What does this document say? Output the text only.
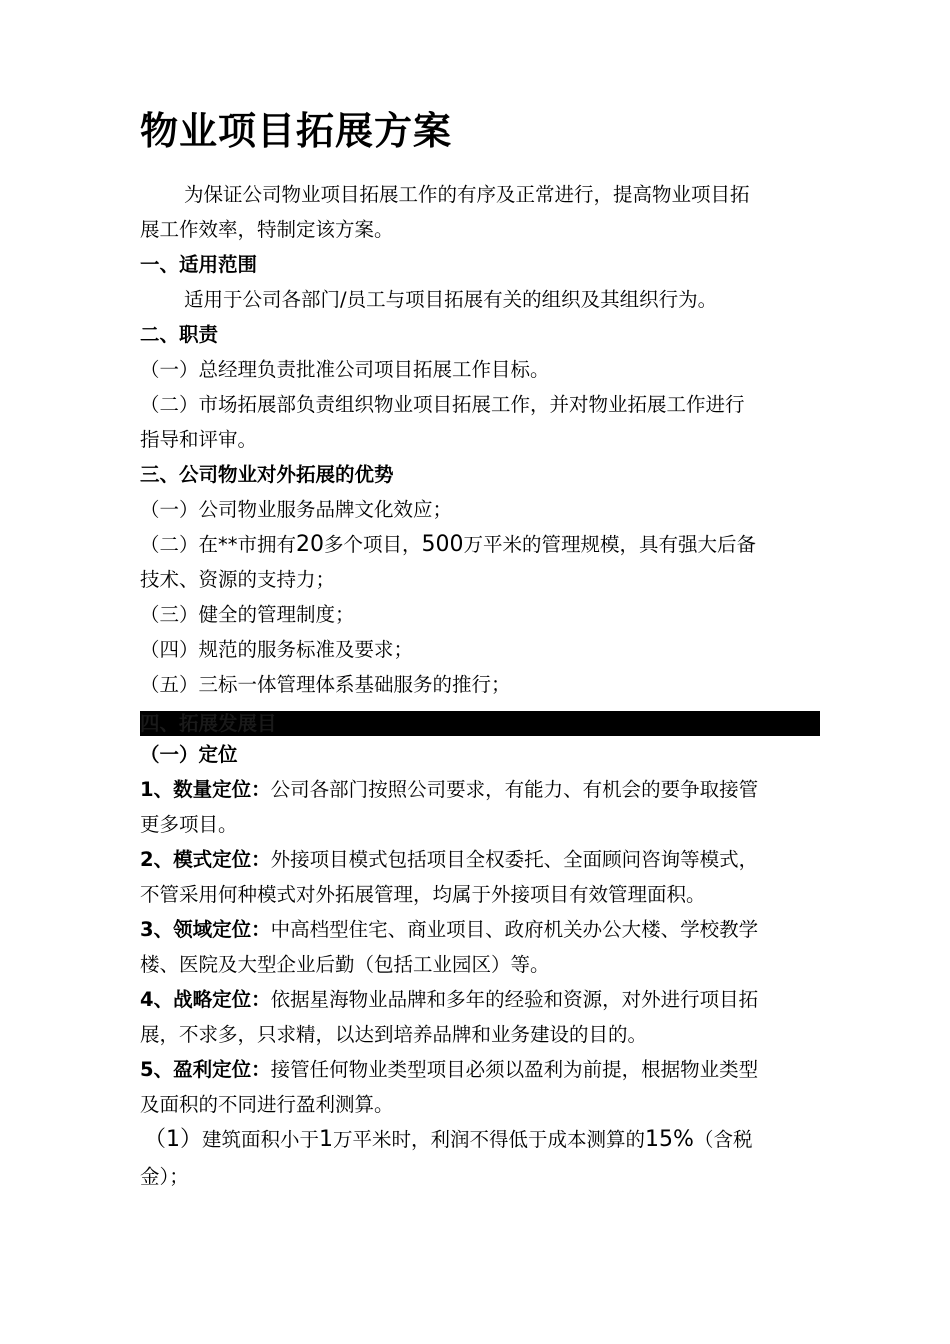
物业项目拓展方案
为保证公司物业项目拓展工作的有序及正常进行，提高物业项目拓
展工作效率，特制定该方案。
一、适用范围
适用于公司各部门/员工与项目拓展有关的组织及其组织行为。
二、职责
（一）总经理负责批准公司项目拓展工作目标。
（二）市场拓展部负责组织物业项目拓展工作，并对物业拓展工作进行
指导和评审。
三、公司物业对外拓展的优势
（一）公司物业服务品牌文化效应；
（二）在**市拥有20多个项目，500万平米的管理规模，具有强大后备
技术、资源的支持力；
（三）健全的管理制度；
（四）规范的服务标准及要求；
（五）三标一体管理体系基础服务的推行；
四、拓展发展目
（一）定位
1、数量定位：公司各部门按照公司要求，有能力、有机会的要争取接管
更多项目。
2、模式定位：外接项目模式包括项目全权委托、全面顾问咨询等模式，
不管采用何种模式对外拓展管理，均属于外接项目有效管理面积。
3、领域定位：中高档型住宅、商业项目、政府机关办公大楼、学校教学
楼、医院及大型企业后勤（包括工业园区）等。
4、战略定位：依据星海物业品牌和多年的经验和资源，对外进行项目拓
展，不求多，只求精，以达到培养品牌和业务建设的目的。
5、盈利定位：接管任何物业类型项目必须以盈利为前提，根据物业类型
及面积的不同进行盈利测算。
（1）建筑面积小于1万平米时，利润不得低于成本测算的15%（含税
金）；
